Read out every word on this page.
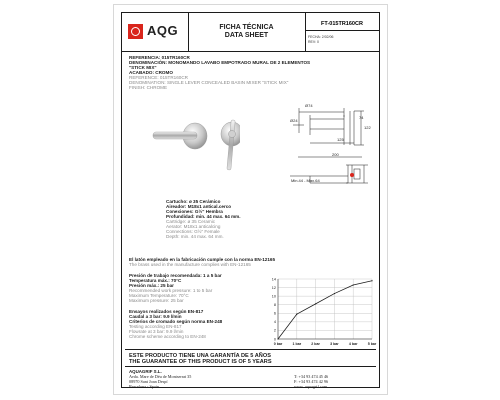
AQG	FICHA TÉCNICA
DATA SHEET
FT-015TR160CR
FECHA: 2/02/06
REV: 0
REFERENCIA: 015TR160CR
DENOMINACIÓN: MONOMANDO LAVABO EMPOTRADO MURAL DE 2 ELEMENTOS
"STICK MIX"
ACABADO: CROMO
REFERENCE: 015TR160CR
DENOMINATION: SINGLE LEVER CONCEALED BASIN MIXER "STICK MIX"
FINISH: CHROME
Ø74
Ø24
125
200
74
122
Min.44 - Max.64
Cartucho: ø 35 Cerámico
Aireador: M18x1 antical.cerco
Conexiones: G½" Hembra
Profundidad: min. 44 max. 64 mm.
Cartridge: ø 35 Ceramic
Aerator: M18x1 anticalcing
Connections: G½" Female
Depth: min. 44 max. 64 mm.
El latón empleado en la fabricación cumple con la norma EN-12165
The brass used in the manufacture complies with EN-12165
Presión de trabajo recomendada: 1 a 5 bar
Temperatura máx.: 70°C
Presión máx.: 25 bar
Recommended work pressure: 1 to 5 bar
Maximum Temperature: 70°C
Maximum pressure: 25 bar
Ensayos realizados según EN-817
Caudal a 3 bar: 9.9 l/min
Criterios de cromado según norma EN-248
Testing according EN-817
Flowrate at 3 bar: 9.9 l/min
Chrome scheme according to EN-248
0
2
4
6
8
10
12
14
0 bar	1 bar	2 bar	3 bar	4 bar	5 bar
ESTE PRODUCTO TIENE UNA GARANTÍA DE 5 AÑOS
THE GUARANTEE OF THIS PRODUCT IS OF 5 YEARS
AQUAGRIF S.L.
Avda. Mare de Déu de Montserrat 35
08970 Sant Joan Despí
Barcelona - Spain
T: +34 93 474 45 46
F: +34 93 474 42 96
www. aquagrif.com
